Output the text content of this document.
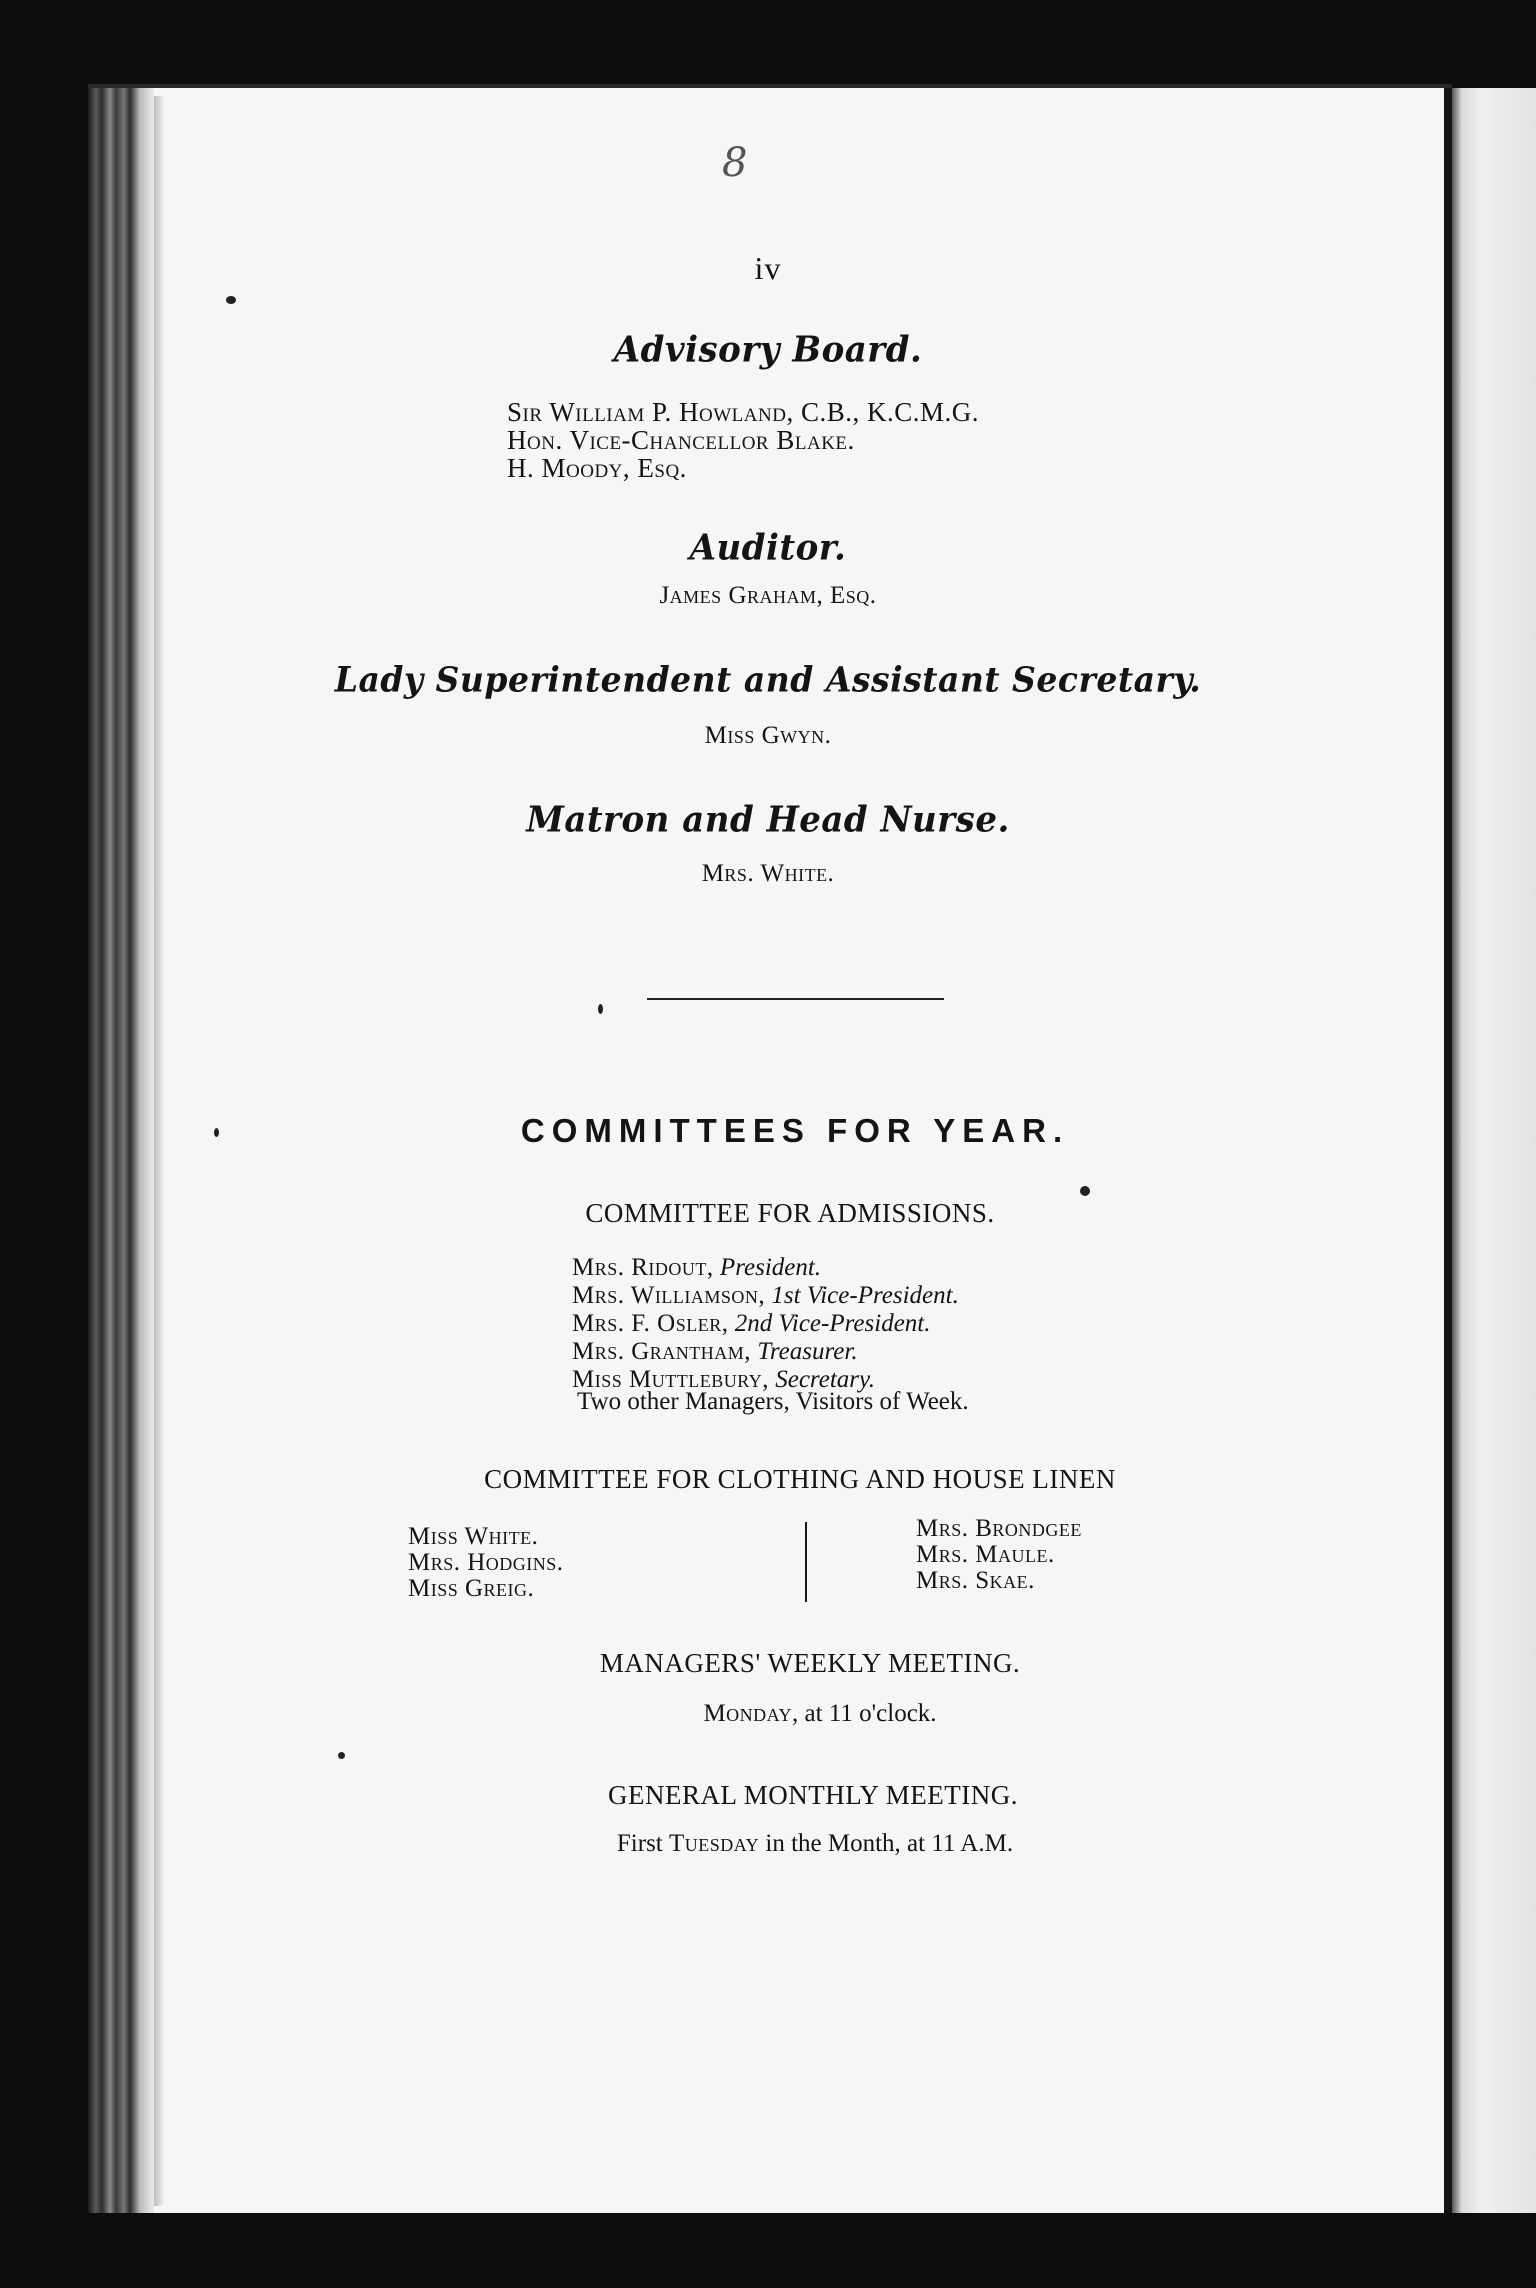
8
iv
Advisory Board.
Sir William P. Howland, C.B., K.C.M.G.
Hon. Vice-Chancellor Blake.
H. Moody, Esq.
Auditor.
James Graham, Esq.
Lady Superintendent and Assistant Secretary.
Miss Gwyn.
Matron and Head Nurse.
Mrs. White.
COMMITTEES FOR YEAR.
COMMITTEE FOR ADMISSIONS.
Mrs. Ridout, President.
Mrs. Williamson, 1st Vice-President.
Mrs. F. Osler, 2nd Vice-President.
Mrs. Grantham, Treasurer.
Miss Muttlebury, Secretary.
Two other Managers, Visitors of Week.
COMMITTEE FOR CLOTHING AND HOUSE LINEN
Miss White.
Mrs. Hodgins.
Miss Greig.
Mrs. Brondgee
Mrs. Maule.
Mrs. Skae.
MANAGERS' WEEKLY MEETING.
Monday, at 11 o'clock.
GENERAL MONTHLY MEETING.
First Tuesday in the Month, at 11 A.M.
